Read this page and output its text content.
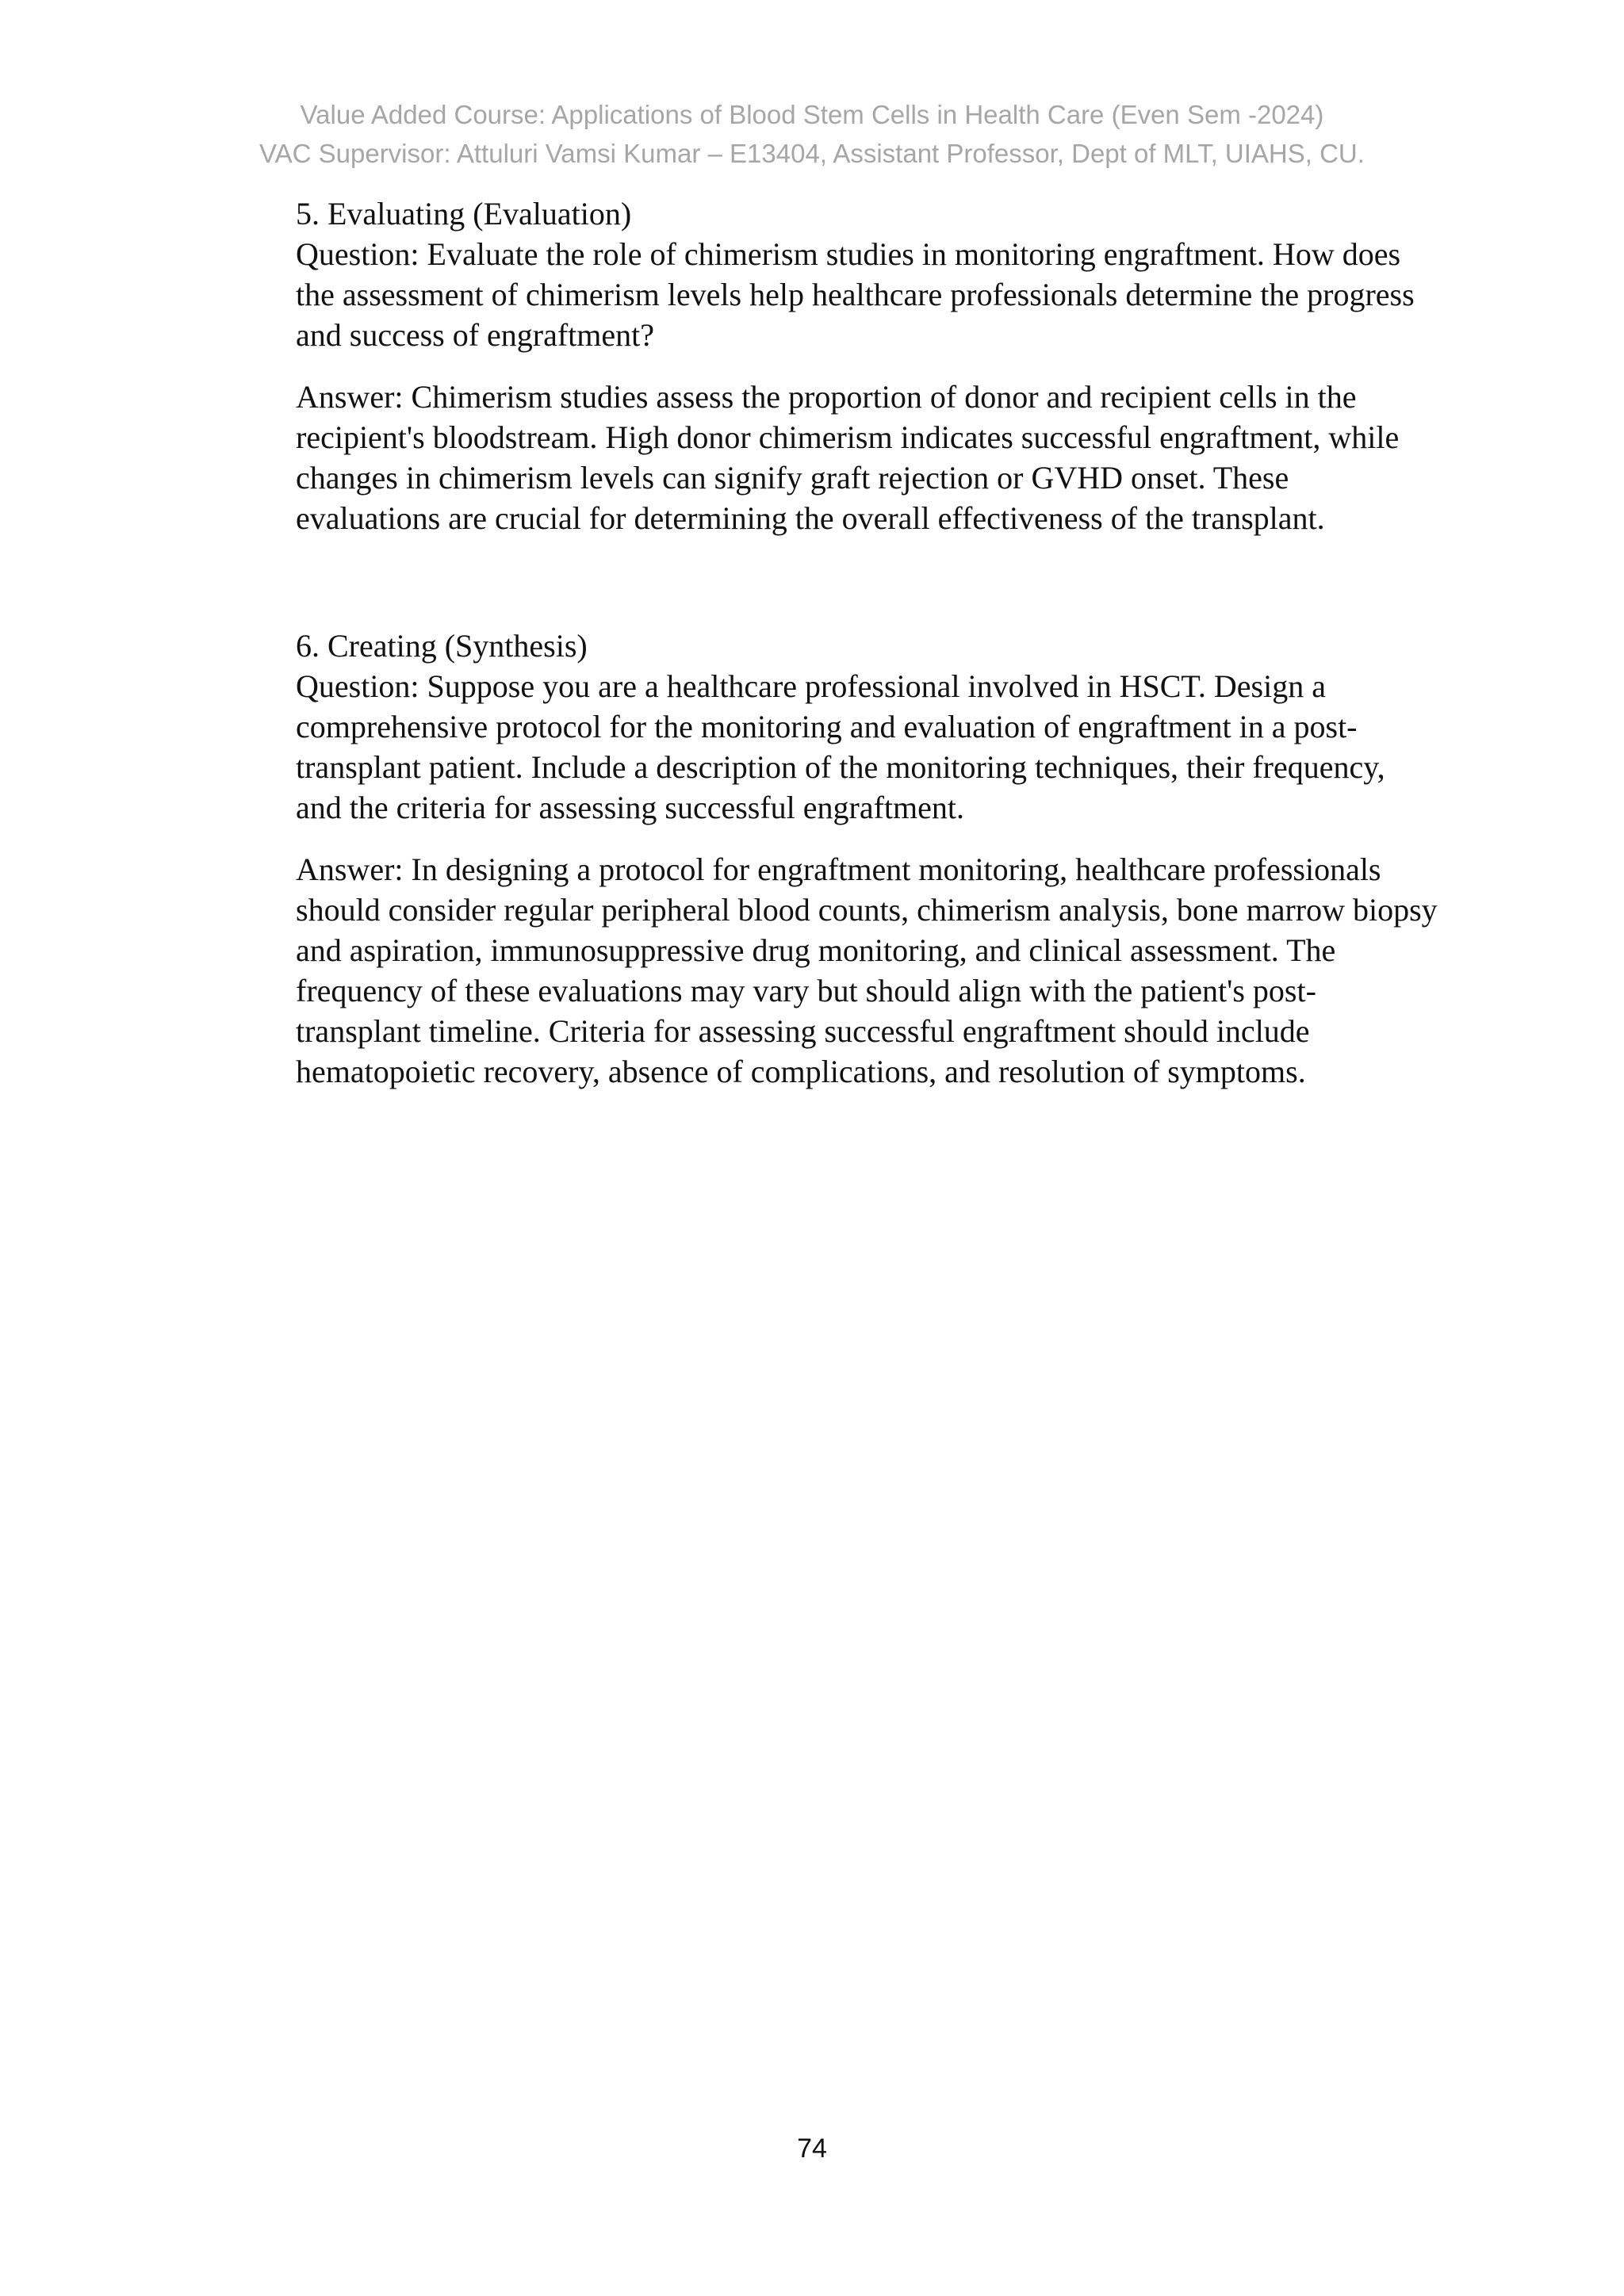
Value Added Course: Applications of Blood Stem Cells in Health Care (Even Sem -2024)
VAC Supervisor: Attuluri Vamsi Kumar – E13404, Assistant Professor, Dept of MLT, UIAHS, CU.

5. Evaluating (Evaluation)

Question: Evaluate the role of chimerism studies in monitoring engraftment. How does the assessment of chimerism levels help healthcare professionals determine the progress and success of engraftment?

Answer: Chimerism studies assess the proportion of donor and recipient cells in the recipient's bloodstream. High donor chimerism indicates successful engraftment, while changes in chimerism levels can signify graft rejection or GVHD onset. These evaluations are crucial for determining the overall effectiveness of the transplant.

6. Creating (Synthesis)

Question: Suppose you are a healthcare professional involved in HSCT. Design a comprehensive protocol for the monitoring and evaluation of engraftment in a post-transplant patient. Include a description of the monitoring techniques, their frequency, and the criteria for assessing successful engraftment.

Answer: In designing a protocol for engraftment monitoring, healthcare professionals should consider regular peripheral blood counts, chimerism analysis, bone marrow biopsy and aspiration, immunosuppressive drug monitoring, and clinical assessment. The frequency of these evaluations may vary but should align with the patient's post-transplant timeline. Criteria for assessing successful engraftment should include hematopoietic recovery, absence of complications, and resolution of symptoms.

74
